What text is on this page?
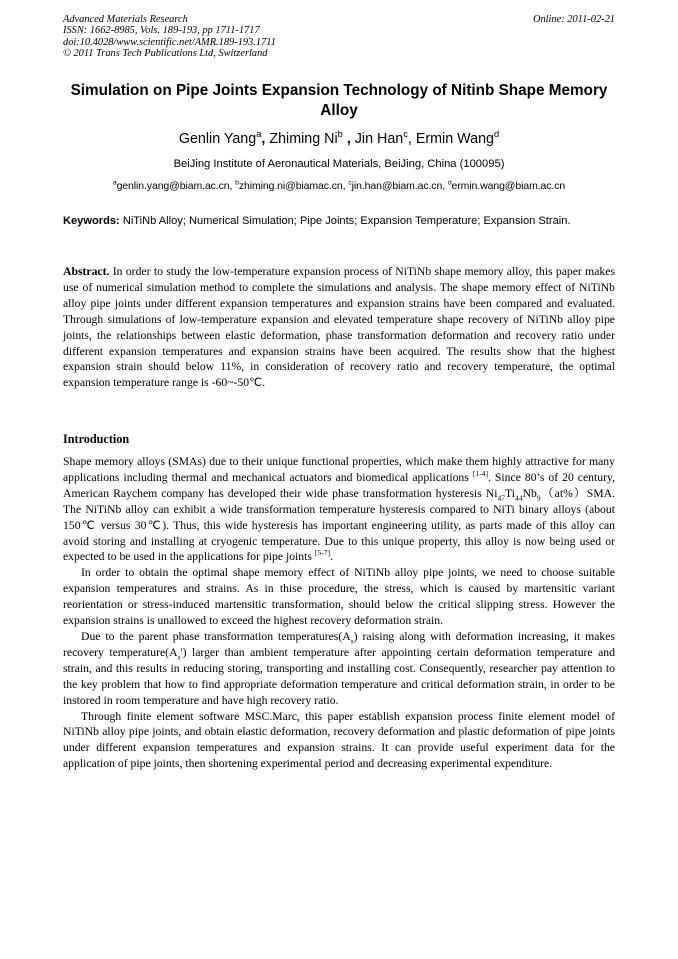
Advanced Materials Research
ISSN: 1662-8985, Vols. 189-193, pp 1711-1717
doi:10.4028/www.scientific.net/AMR.189-193.1711
© 2011 Trans Tech Publications Ltd, Switzerland
Online: 2011-02-21
Simulation on Pipe Joints Expansion Technology of Nitinb Shape Memory Alloy
Genlin Yang$^a$, Zhiming Ni$^b$ , Jin Han$^c$, Ermin Wang$^d$
BeiJing Institute of Aeronautical Materials, BeiJing, China (100095)
$^a$genlin.yang@biam.ac.cn, $^b$zhiming.ni@biamac.cn, $^c$jin.han@biam.ac.cn, $^d$ermin.wang@biam.ac.cn
Keywords: NiTiNb Alloy; Numerical Simulation; Pipe Joints; Expansion Temperature; Expansion Strain.
Abstract. In order to study the low-temperature expansion process of NiTiNb shape memory alloy, this paper makes use of numerical simulation method to complete the simulations and analysis. The shape memory effect of NiTiNb alloy pipe joints under different expansion temperatures and expansion strains have been compared and evaluated. Through simulations of low-temperature expansion and elevated temperature shape recovery of NiTiNb alloy pipe joints, the relationships between elastic deformation, phase transformation deformation and recovery ratio under different expansion temperatures and expansion strains have been acquired. The results show that the highest expansion strain should below 11%, in consideration of recovery ratio and recovery temperature, the optimal expansion temperature range is -60~-50℃.
Introduction

Shape memory alloys (SMAs) due to their unique functional properties, which make them highly attractive for many applications including thermal and mechanical actuators and biomedical applications [1-4]. Since 80’s of 20 century, American Raychem company has developed their wide phase transformation hysteresis $Ni_{47}Ti_{44}Nb_9(at\%)SMA$. The NiTiNb alloy can exhibit a wide transformation temperature hysteresis compared to NiTi binary alloys (about 150℃ versus 30℃). Thus, this wide hysteresis has important engineering utility, as parts made of this alloy can avoid storing and installing at cryogenic temperature. Due to this unique property, this alloy is now being used or expected to be used in the applications for pipe joints [5-7].

In order to obtain the optimal shape memory effect of NiTiNb alloy pipe joints, we need to choose suitable expansion temperatures and strains. As in thise procedure, the stress, which is caused by martensitic variant reorientation or stress-induced martensitic transformation, should below the critical slipping stress. However the expansion strains is unallowed to exceed the highest recovery deformation strain.

Due to the parent phase transformation $temperatures(A_s)$ raising along with deformation increasing, it makes recovery $temperature(A_s')$ larger than ambient temperature after appointing certain deformation temperature and strain, and this results in reducing storing, transporting and installing cost. Consequently, researcher pay attention to the key problem that how to find appropriate deformation temperature and critical deformation strain, in order to be instored in room temperature and have high recovery ratio.

Through finite element software MSC.Marc, this paper establish expansion process finite element model of NiTiNb alloy pipe joints, and obtain elastic deformation, recovery deformation and plastic deformation of pipe joints under different expansion temperatures and expansion strains. It can provide useful experiment data for the application of pipe joints, then shortening experimental period and decreasing experimental expenditure.
